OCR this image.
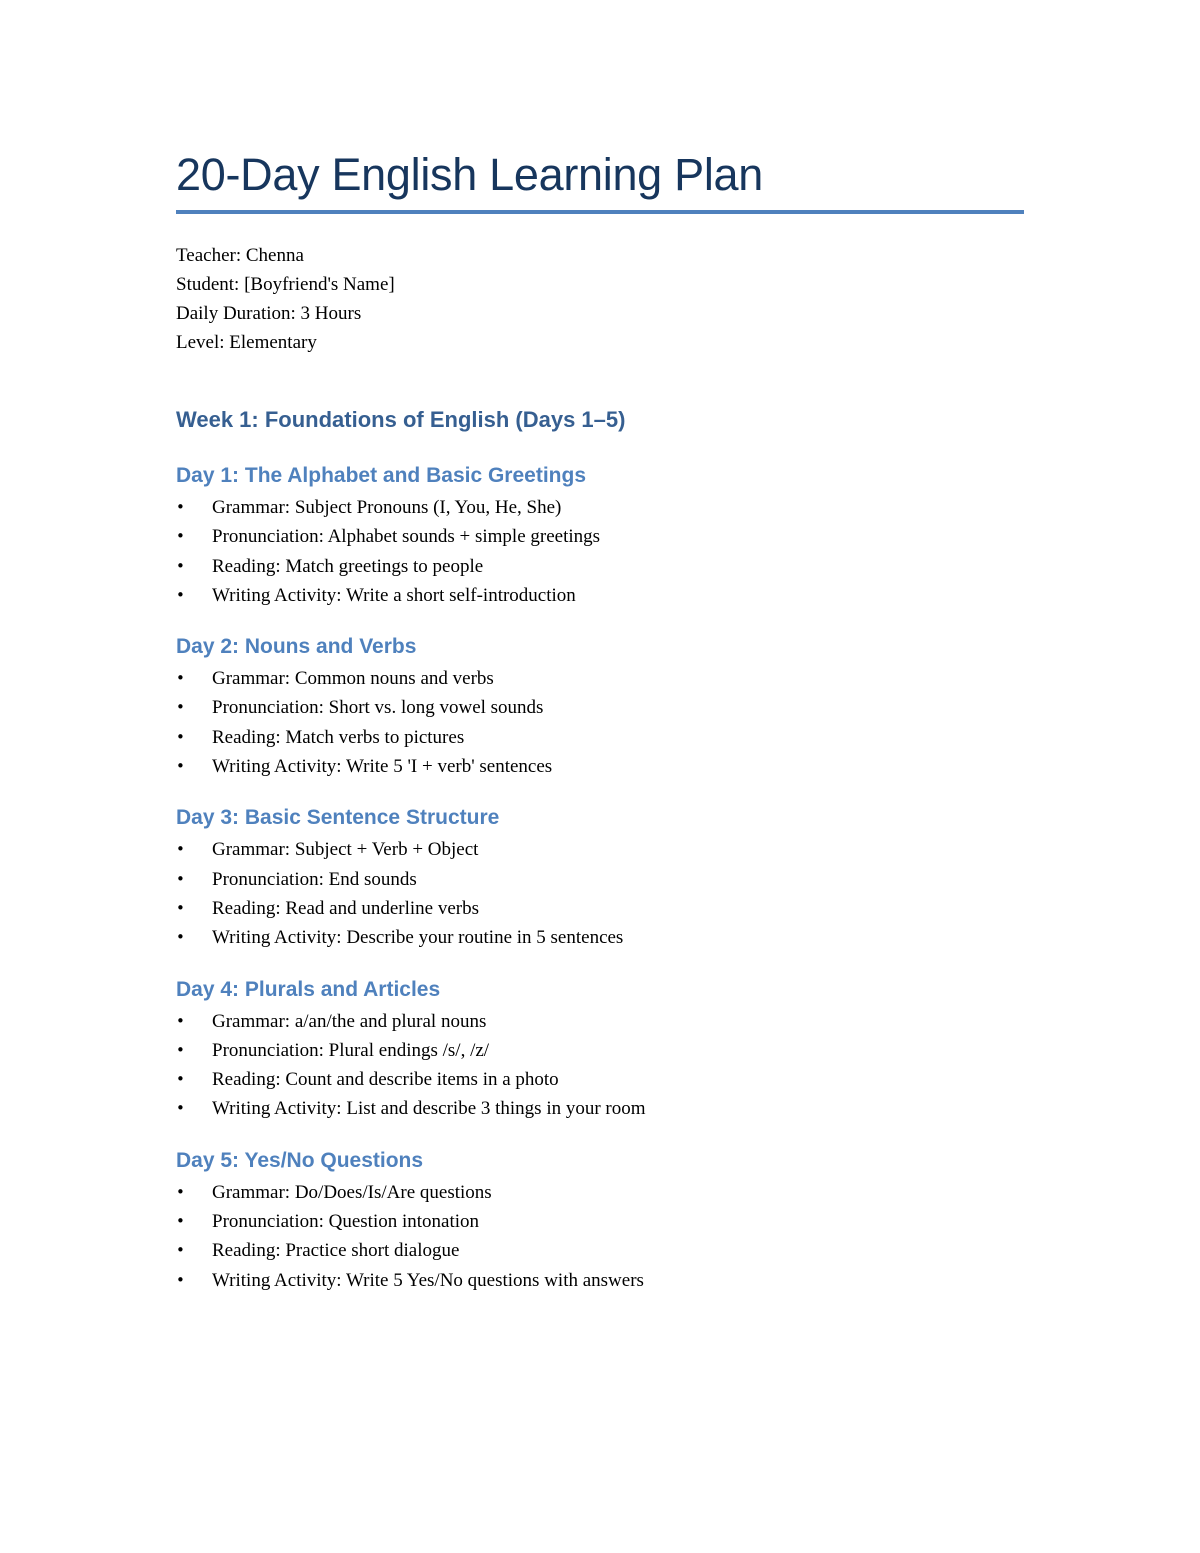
20-Day English Learning Plan
Teacher: Chenna
Student: [Boyfriend's Name]
Daily Duration: 3 Hours
Level: Elementary
Week 1: Foundations of English (Days 1–5)
Day 1: The Alphabet and Basic Greetings
• Grammar: Subject Pronouns (I, You, He, She)
• Pronunciation: Alphabet sounds + simple greetings
• Reading: Match greetings to people
• Writing Activity: Write a short self-introduction
Day 2: Nouns and Verbs
• Grammar: Common nouns and verbs
• Pronunciation: Short vs. long vowel sounds
• Reading: Match verbs to pictures
• Writing Activity: Write 5 'I + verb' sentences
Day 3: Basic Sentence Structure
• Grammar: Subject + Verb + Object
• Pronunciation: End sounds
• Reading: Read and underline verbs
• Writing Activity: Describe your routine in 5 sentences
Day 4: Plurals and Articles
• Grammar: a/an/the and plural nouns
• Pronunciation: Plural endings /s/, /z/
• Reading: Count and describe items in a photo
• Writing Activity: List and describe 3 things in your room
Day 5: Yes/No Questions
• Grammar: Do/Does/Is/Are questions
• Pronunciation: Question intonation
• Reading: Practice short dialogue
• Writing Activity: Write 5 Yes/No questions with answers
